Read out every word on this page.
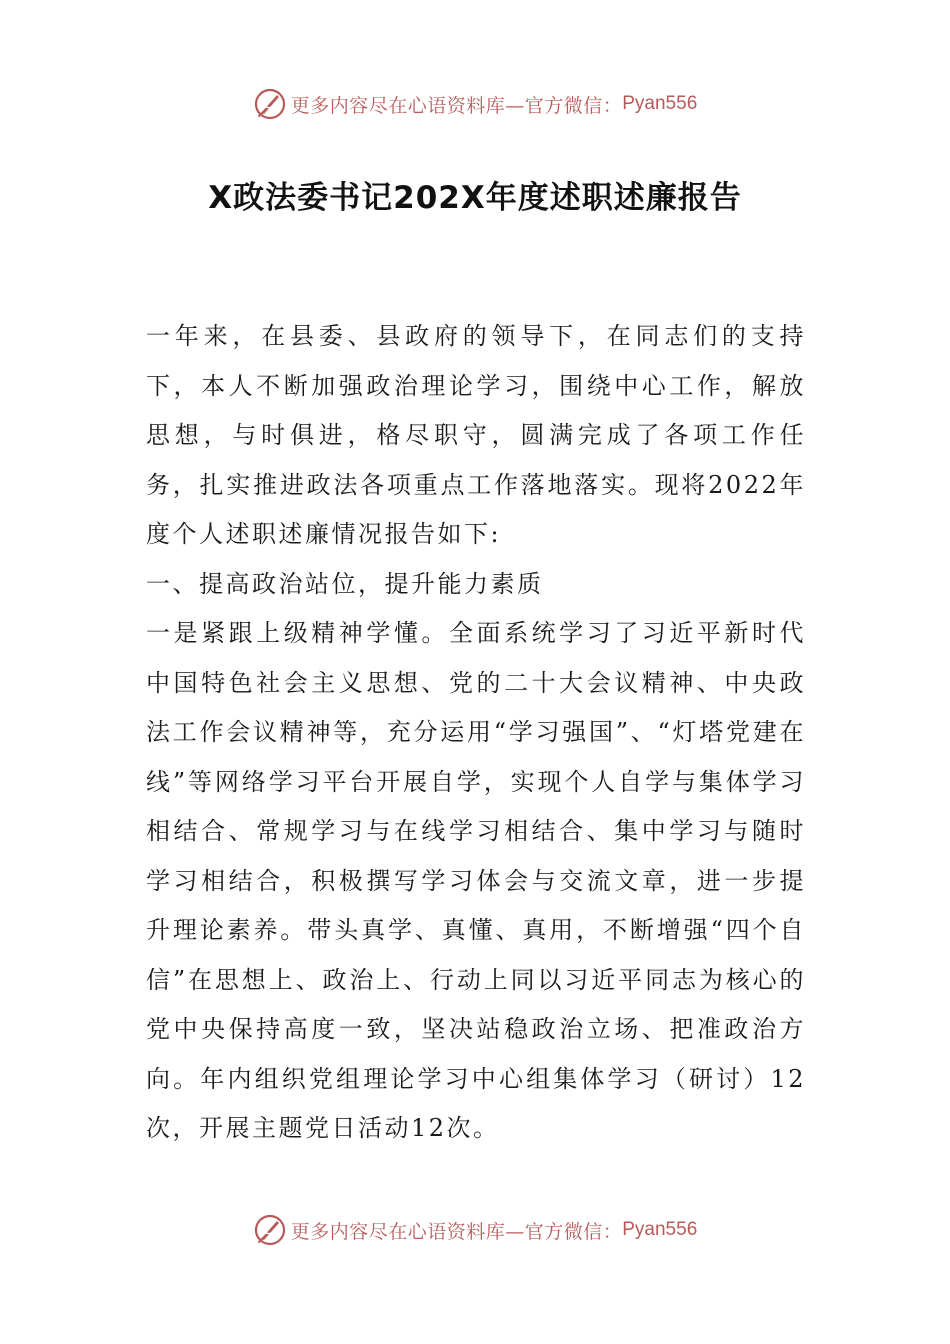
更多内容尽在心语资料库—官方微信： Pyan556
X政法委书记202X年度述职述廉报告

一年来，在县委、县政府的领导下，在同志们的支持下，本人不断加强政治理论学习，围绕中心工作，解放思想，与时俱进，格尽职守，圆满完成了各项工作任务，扎实推进政法各项重点工作落地落实。现将2022年度个人述职述廉情况报告如下:

一、提高政治站位，提升能力素质

一是紧跟上级精神学懂。全面系统学习了习近平新时代中国特色社会主义思想、党的二十大会议精神、中央政法工作会议精神等，充分运用“学习强国”、“灯塔党建在线”等网络学习平台开展自学，实现个人自学与集体学习相结合、常规学习与在线学习相结合、集中学习与随时学习相结合，积极撰写学习体会与交流文章，进一步提升理论素养。带头真学、真懂、真用，不断增强“四个自信”在思想上、政治上、行动上同以习近平同志为核心的党中央保持高度一致，坚决站稳政治立场、把准政治方向。年内组织党组理论学习中心组集体学习（研讨）12次，开展主题党日活动12次。

更多内容尽在心语资料库—官方微信： Pyan556
